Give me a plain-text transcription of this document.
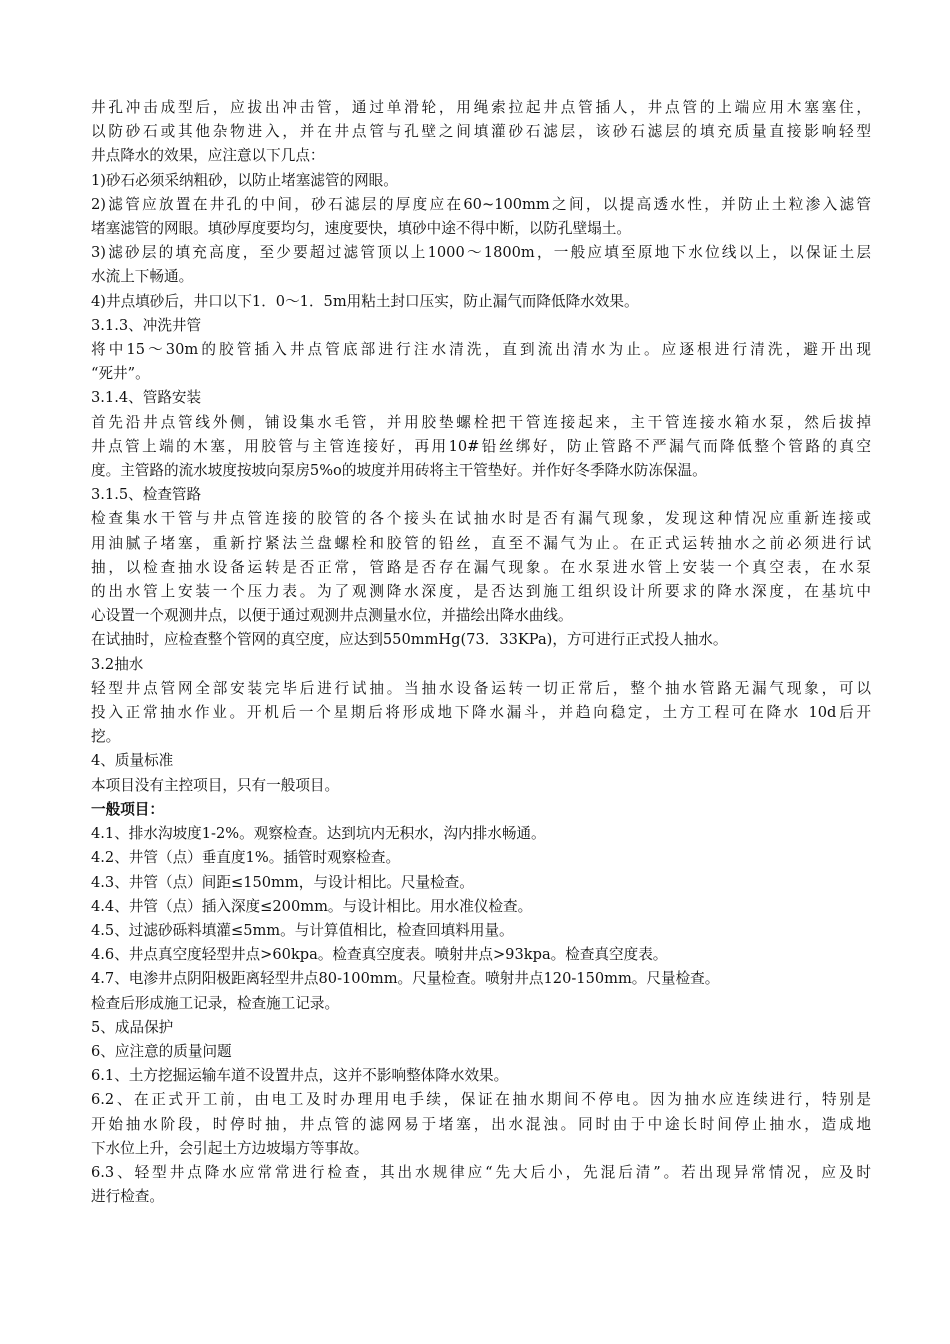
井孔冲击成型后，应拔出冲击管，通过单滑轮，用绳索拉起井点管插人，井点管的上端应用木塞塞住，
以防砂石或其他杂物进入，并在井点管与孔壁之间填灌砂石滤层，该砂石滤层的填充质量直接影响轻型
井点降水的效果，应注意以下几点：
1)砂石必须采纳粗砂，以防止堵塞滤管的网眼。
2)滤管应放置在井孔的中间，砂石滤层的厚度应在60~100mm之间，以提高透水性，并防止土粒渗入滤管
堵塞滤管的网眼。填砂厚度要均匀，速度要快，填砂中途不得中断，以防孔壁塌土。
3)滤砂层的填充高度，至少要超过滤管顶以上1000～1800m，一般应填至原地下水位线以上，以保证土层
水流上下畅通。
4)井点填砂后，井口以下1．0～1．5m用粘土封口压实，防止漏气而降低降水效果。
3.1.3、冲洗井管
将中15～30m的胶管插入井点管底部进行注水清洗，直到流出清水为止。应逐根进行清洗，避开出现
“死井”。
3.1.4、管路安装
首先沿井点管线外侧，铺设集水毛管，并用胶垫螺栓把干管连接起来，主干管连接水箱水泵，然后拔掉
井点管上端的木塞，用胶管与主管连接好，再用10#铅丝绑好，防止管路不严漏气而降低整个管路的真空
度。主管路的流水坡度按坡向泵房5%o的坡度并用砖将主干管垫好。并作好冬季降水防冻保温。
3.1.5、检查管路
检查集水干管与井点管连接的胶管的各个接头在试抽水时是否有漏气现象，发现这种情况应重新连接或
用油腻子堵塞，重新拧紧法兰盘螺栓和胶管的铅丝，直至不漏气为止。在正式运转抽水之前必须进行试
抽，以检查抽水设备运转是否正常，管路是否存在漏气现象。在水泵进水管上安装一个真空表，在水泵
的出水管上安装一个压力表。为了观测降水深度，是否达到施工组织设计所要求的降水深度，在基坑中
心设置一个观测井点，以便于通过观测井点测量水位，并描绘出降水曲线。
在试抽时，应检查整个管网的真空度，应达到550mmHg(73．33KPa)，方可进行正式投人抽水。
3.2抽水
轻型井点管网全部安装完毕后进行试抽。当抽水设备运转一切正常后，整个抽水管路无漏气现象，可以
投入正常抽水作业。开机后一个星期后将形成地下降水漏斗，并趋向稳定，土方工程可在降水 10d后开
挖。
4、质量标准
本项目没有主控项目，只有一般项目。
一般项目：
4.1、排水沟坡度1-2%。观察检查。达到坑内无积水，沟内排水畅通。
4.2、井管（点）垂直度1%。插管时观察检查。
4.3、井管（点）间距≤150mm，与设计相比。尺量检查。
4.4、井管（点）插入深度≤200mm。与设计相比。用水准仪检查。
4.5、过滤砂砾料填灌≤5mm。与计算值相比，检查回填料用量。
4.6、井点真空度轻型井点>60kpa。检查真空度表。喷射井点>93kpa。检查真空度表。
4.7、电渗井点阴阳极距离轻型井点80-100mm。尺量检查。喷射井点120-150mm。尺量检查。
检查后形成施工记录，检查施工记录。
5、成品保护
6、应注意的质量问题
6.1、土方挖掘运输车道不设置井点，这并不影响整体降水效果。
6.2、在正式开工前，由电工及时办理用电手续，保证在抽水期间不停电。因为抽水应连续进行，特别是
开始抽水阶段，时停时抽，井点管的滤网易于堵塞，出水混浊。同时由于中途长时间停止抽水，造成地
下水位上升，会引起土方边坡塌方等事故。
6.3、轻型井点降水应常常进行检查，其出水规律应“先大后小，先混后清”。若出现异常情况，应及时
进行检查。
